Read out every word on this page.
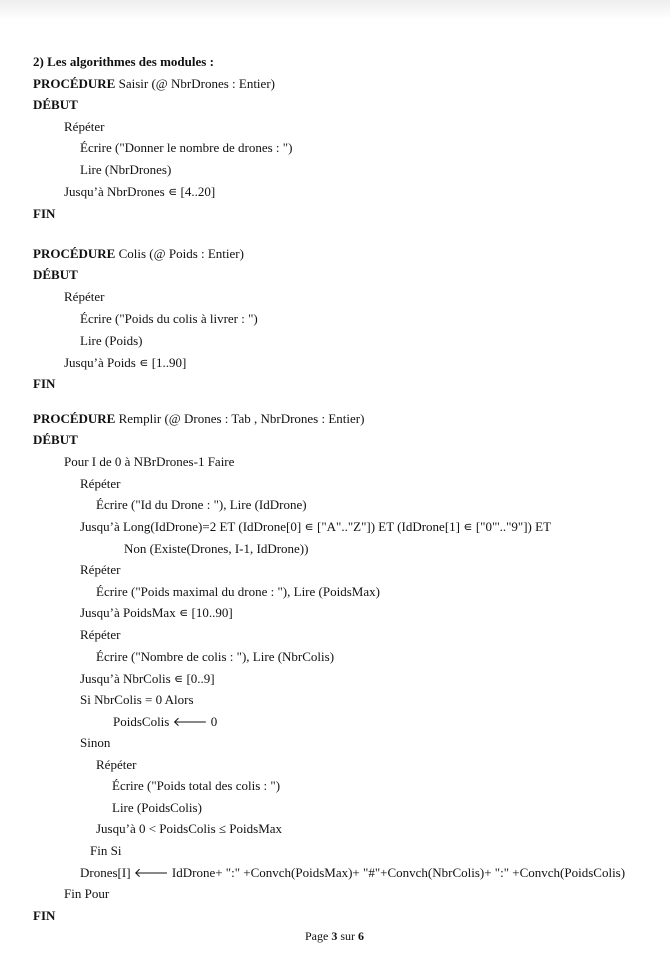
2) Les algorithmes des modules :
PROCÉDURE Saisir (@ NbrDrones : Entier)
DÉBUT
Répéter
Écrire ("Donner le nombre de drones : ")
Lire (NbrDrones)
Jusqu’à NbrDrones ∊ [4..20]
FIN
PROCÉDURE Colis (@ Poids : Entier)
DÉBUT
Répéter
Écrire ("Poids du colis à livrer : ")
Lire (Poids)
Jusqu’à Poids ∊ [1..90]
FIN
PROCÉDURE Remplir (@ Drones : Tab , NbrDrones : Entier)
DÉBUT
Pour I de 0 à NBrDrones-1 Faire
Répéter
Écrire ("Id du Drone : "), Lire (IdDrone)
Jusqu’à Long(IdDrone)=2 ET (IdDrone[0] ∊ ["A".."Z"]) ET (IdDrone[1] ∊ ["0"'.."9"]) ET
Non (Existe(Drones, I-1, IdDrone))
Répéter
Écrire ("Poids maximal du drone : "), Lire (PoidsMax)
Jusqu’à PoidsMax ∊ [10..90]
Répéter
Écrire ("Nombre de colis : "), Lire (NbrColis)
Jusqu’à NbrColis ∊ [0..9]
Si NbrColis = 0 Alors
PoidsColis 🡐 0
Sinon
Répéter
Écrire ("Poids total des colis : ")
Lire (PoidsColis)
Jusqu’à 0 < PoidsColis ≤ PoidsMax
Fin Si
Drones[I] 🡐 IdDrone+ ":" +Convch(PoidsMax)+ "#"+Convch(NbrColis)+ ":" +Convch(PoidsColis)
Fin Pour
FIN
Page 3 sur 6
